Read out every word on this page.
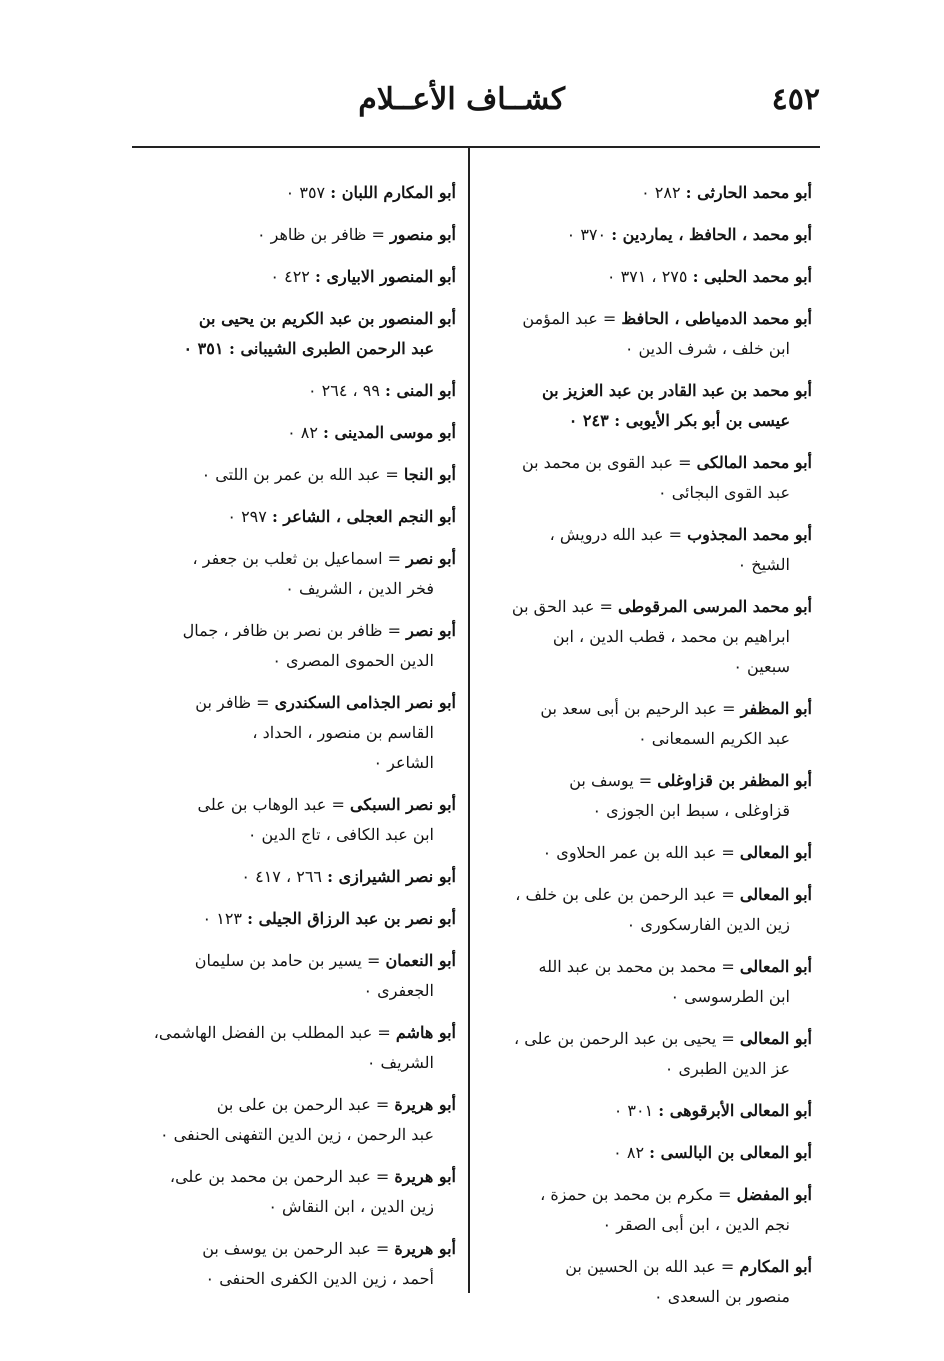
٤٥٢
كشــاف الأعــلام
أبو محمد الحارثى : ٢٨٢ ٠
أبو محمد ، الحافظ ، يماردين : ٣٧٠ ٠
أبو محمد الحلبى : ٢٧٥ ، ٣٧١ ٠
أبو محمد الدمياطى ، الحافظ = عبد المؤمن
ابن خلف ، شرف الدين ٠
أبو محمد بن عبد القادر بن عبد العزيز بن
عيسى بن أبو بكر الأيوبى : ٢٤٣ ٠
أبو محمد المالكى = عبد القوى بن محمد بن
عبد القوى البجائى ٠
أبو محمد المجذوب = عبد الله درويش ،
الشيخ ٠
أبو محمد المرسى المرقوطى = عبد الحق بن
ابراهيم بن محمد ، قطب الدين ، ابن
سبعين ٠
أبو المظفر = عبد الرحيم بن أبى سعد بن
عبد الكريم السمعانى ٠
أبو المظفر بن قزاوغلى = يوسف بن
قزاوغلى ، سبط ابن الجوزى ٠
أبو المعالى = عبد الله بن عمر الحلاوى ٠
أبو المعالى = عبد الرحمن بن على بن خلف ،
زين الدين الفارسكورى ٠
أبو المعالى = محمد بن محمد بن عبد الله
ابن الطرسوسى ٠
أبو المعالى = يحيى بن عبد الرحمن بن على ،
عز الدين الطبرى ٠
أبو المعالى الأبرقوهى : ٣٠١ ٠
أبو المعالى بن البالسى : ٨٢ ٠
أبو المفضل = مكرم بن محمد بن حمزة ،
نجم الدين ، ابن أبى الصقر ٠
أبو المكارم = عبد الله بن الحسين بن
منصور بن السعدى ٠
أبو المكارم اللبان : ٣٥٧ ٠
أبو منصور = ظافر بن ظاهر ٠
أبو المنصور الابيارى : ٤٢٢ ٠
أبو المنصور بن عبد الكريم بن يحيى بن
عبد الرحمن الطبرى الشيبانى : ٣٥١ ٠
أبو المنى : ٩٩ ، ٢٦٤ ٠
أبو موسى المدينى : ٨٢ ٠
أبو النجا = عبد الله بن عمر بن اللتى ٠
أبو النجم العجلى ، الشاعر : ٢٩٧ ٠
أبو نصر = اسماعيل بن ثعلب بن جعفر ،
فخر الدين ، الشريف ٠
أبو نصر = ظافر بن نصر بن ظافر ، جمال
الدين الحموى المصرى ٠
أبو نصر الجذامى السكندرى = ظافر بن
القاسم بن منصور ، الحداد ،
الشاعر ٠
أبو نصر السبكى = عبد الوهاب بن على
ابن عبد الكافى ، تاج الدين ٠
أبو نصر الشيرازى : ٢٦٦ ، ٤١٧ ٠
أبو نصر بن عبد الرزاق الجيلى : ١٢٣ ٠
أبو النعمان = يسير بن حامد بن سليمان
الجعفرى ٠
أبو هاشم = عبد المطلب بن الفضل الهاشمى،
الشريف ٠
أبو هريرة = عبد الرحمن بن على بن
عبد الرحمن ، زين الدين التفهنى الحنفى ٠
أبو هريرة = عبد الرحمن بن محمد بن على،
زين الدين ، ابن النقاش ٠
أبو هريرة = عبد الرحمن بن يوسف بن
أحمد ، زين الدين الكفرى الحنفى ٠
